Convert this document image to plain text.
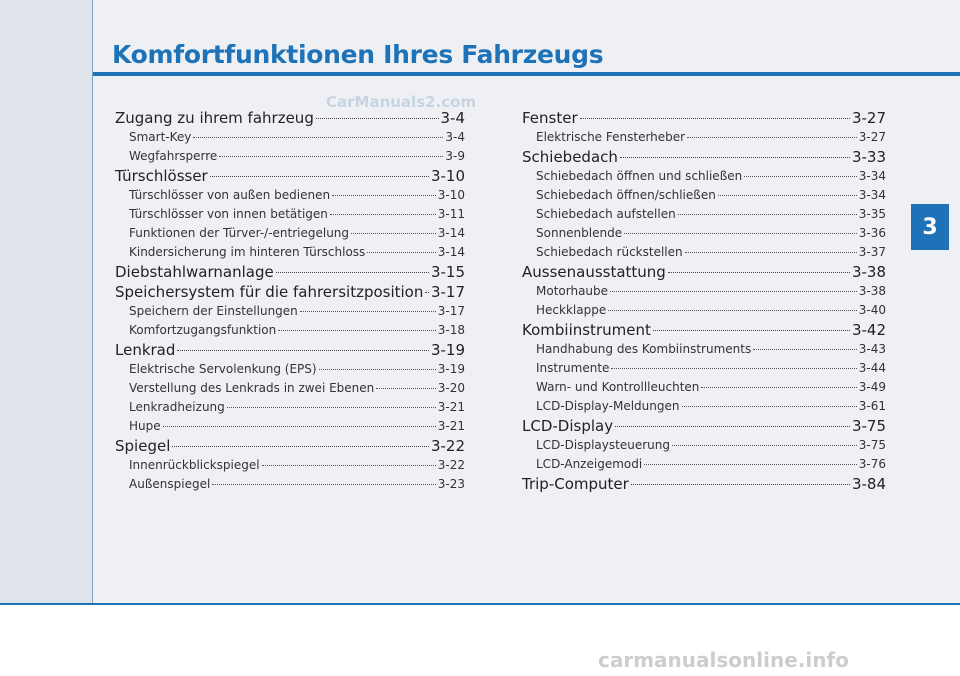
Komfortfunktionen Ihres Fahrzeugs
CarManuals2.com
Zugang zu ihrem fahrzeug	3-4
Smart-Key	3-4
Wegfahrsperre	3-9
Türschlösser	3-10
Türschlösser von außen bedienen	3-10
Türschlösser von innen betätigen	3-11
Funktionen der Türver-/-entriegelung	3-14
Kindersicherung im hinteren Türschloss	3-14
Diebstahlwarnanlage	3-15
Speichersystem für die fahrersitzposition 3-17
Speichern der Einstellungen	3-17
Komfortzugangsfunktion	3-18
Lenkrad	3-19
Elektrische Servolenkung (EPS)	3-19
Verstellung des Lenkrads in zwei Ebenen	3-20
Lenkradheizung	3-21
Hupe	3-21
Spiegel	3-22
Innenrückblickspiegel	3-22
Außenspiegel	3-23
Fenster	3-27
Elektrische Fensterheber	3-27
Schiebedach	3-33
Schiebedach öffnen und schließen	3-34
Schiebedach öffnen/schließen	3-34
Schiebedach aufstellen	3-35
Sonnenblende	3-36
Schiebedach rückstellen	3-37
Aussenausstattung	3-38
Motorhaube	3-38
Heckklappe	3-40
Kombiinstrument	3-42
Handhabung des Kombiinstruments	3-43
Instrumente	3-44
Warn- und Kontrollleuchten	3-49
LCD-Display-Meldungen	3-61
LCD-Display	3-75
LCD-Displaysteuerung	3-75
LCD-Anzeigemodi	3-76
Trip-Computer	3-84
3
carmanualsonline.info
